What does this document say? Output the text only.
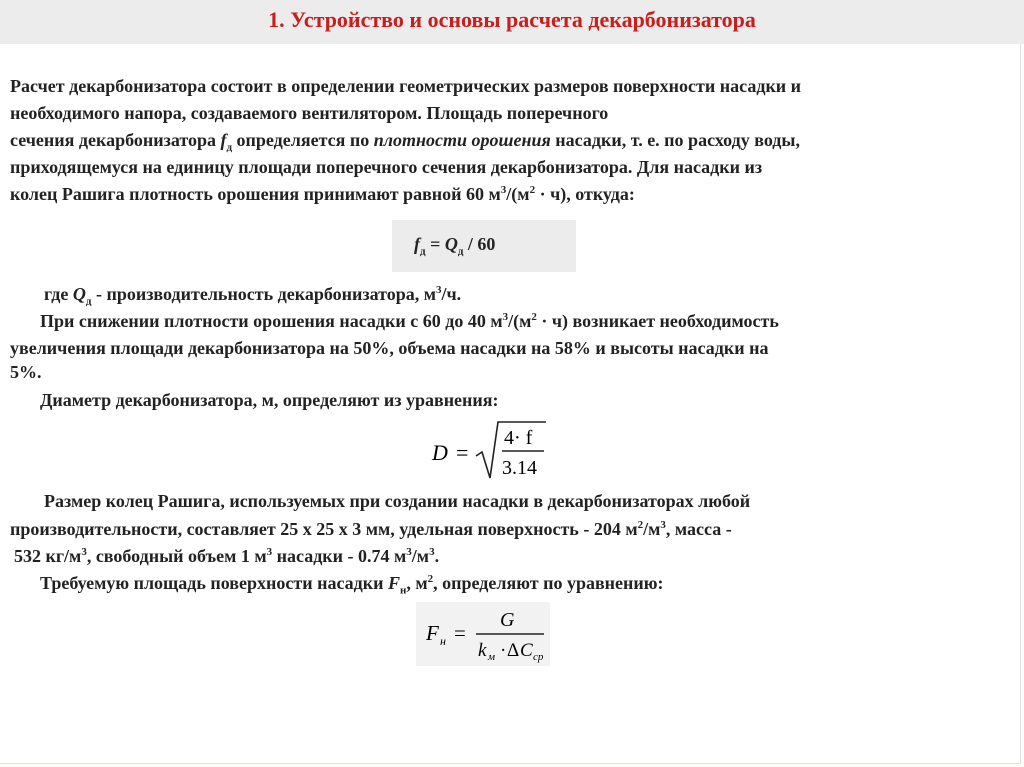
1. Устройство и основы расчета декарбонизатора

Расчет декарбонизатора состоит в определении геометрических размеров поверхности насадки и

необходимого напора, создаваемого вентилятором. Площадь поперечного

сечения декарбонизатора $f_д$ определяется по плотности орошения насадки, т. е. по расходу воды,

приходящемуся на единицу площади поперечного сечения декарбонизатора. Для насадки из

колец Рашига плотность орошения принимают равной 60 $м^3/(м^2 \cdot ч)$, откуда:

$f_д = Q_д / 60$

где $Q_д$ - производительность декарбонизатора, $м^3/ч$.

При снижении плотности орошения насадки с 60 до 40 $м^3/(м^2 \cdot ч)$ возникает необходимость

увеличения площади декарбонизатора на 50%, объема насадки на 58% и высоты насадки на

5%.

Диаметр декарбонизатора, м, определяют из уравнения:

D =
4· f
3.14

Размер колец Рашига, используемых при создании насадки в декарбонизаторах любой

производительности, составляет 25 х 25 х 3 мм, удельная поверхность - 204 $м^2/м^3$, масса -

532 $кг/м^3$, свободный объем 1 $м^3$ насадки - 0.74 $м^3/м^3$.

Требуемую площадь поверхности насадки $F_н$, $м^2$, определяют по уравнению:

F н =
G
k м · Δ C ср
